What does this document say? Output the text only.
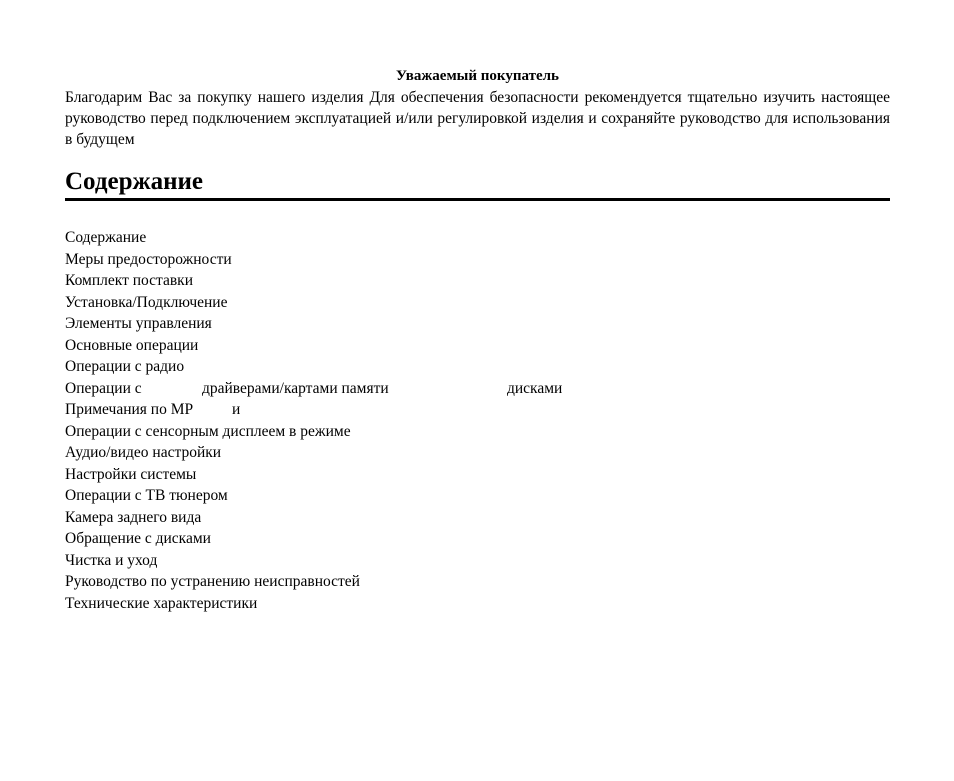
Уважаемый покупатель

Благодарим Вас за покупку нашего изделия Для обеспечения безопасности рекомендуется тщательно изучить настоящее руководство перед подключением эксплуатацией и/или регулировкой изделия и сохраняйте руководство для использования в будущем

Содержание
Содержание
Меры предосторожности
Комплект поставки
Установка/Подключение
Элементы управления
Основные операции
Операции с радио
Операции с	драйверами/картами памяти	дисками
Примечания по MP	и
Операции с сенсорным дисплеем в режиме
Аудио/видео настройки
Настройки системы
Операции с ТВ тюнером
Камера заднего вида
Обращение с дисками
Чистка и уход
Руководство по устранению неисправностей
Технические характеристики
